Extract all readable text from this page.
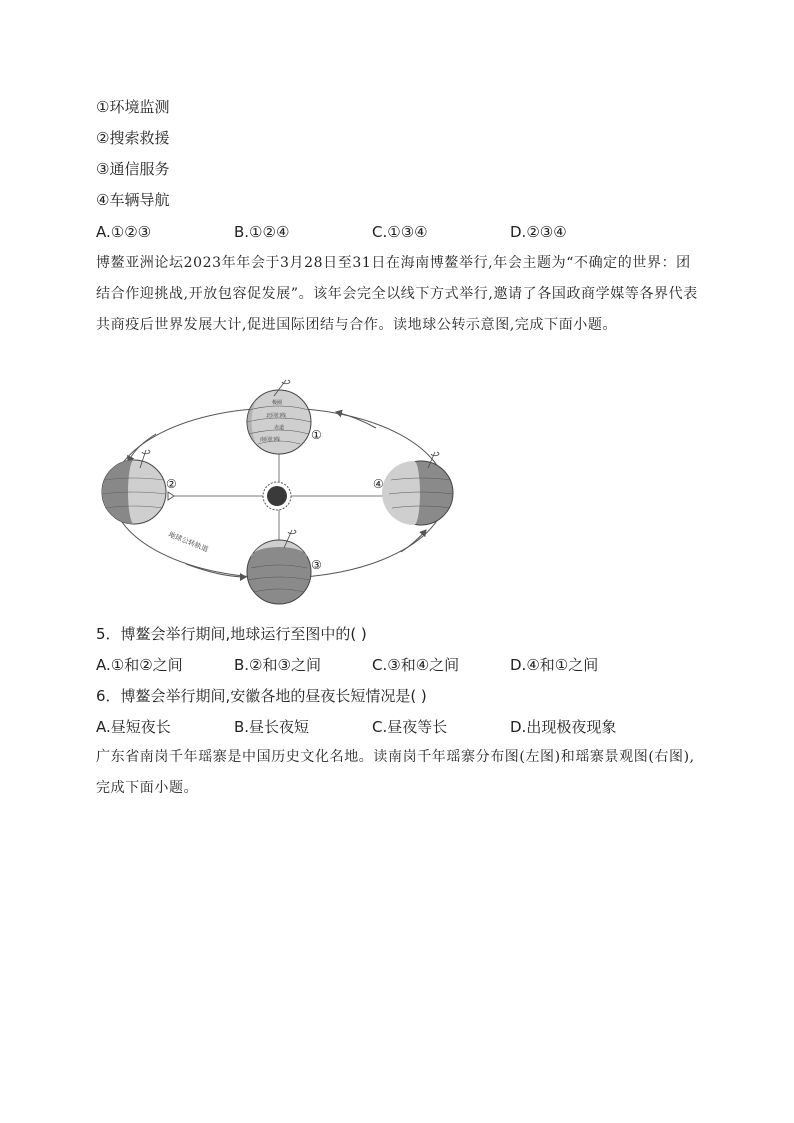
①环境监测
②搜索救援
③通信服务
④车辆导航
A.①②③	B.①②④	C.①③④	D.②③④
博鳌亚洲论坛2023年年会于3月28日至31日在海南博鳌举行,年会主题为“不确定的世界：团结合作迎挑战,开放包容促发展”。该年会完全以线下方式举行,邀请了各国政商学媒等各界代表共商疫后世界发展大计,促进国际团结与合作。读地球公转示意图,完成下面小题。
极圈
北回归线
赤道
南回归线	①
②
③
④
地球公转轨道
5．博鳌会举行期间,地球运行至图中的( )
A.①和②之间	B.②和③之间	C.③和④之间	D.④和①之间
6．博鳌会举行期间,安徽各地的昼夜长短情况是( )
A.昼短夜长	B.昼长夜短	C.昼夜等长	D.出现极夜现象
广东省南岗千年瑶寨是中国历史文化名地。读南岗千年瑶寨分布图(左图)和瑶寨景观图(右图),完成下面小题。
